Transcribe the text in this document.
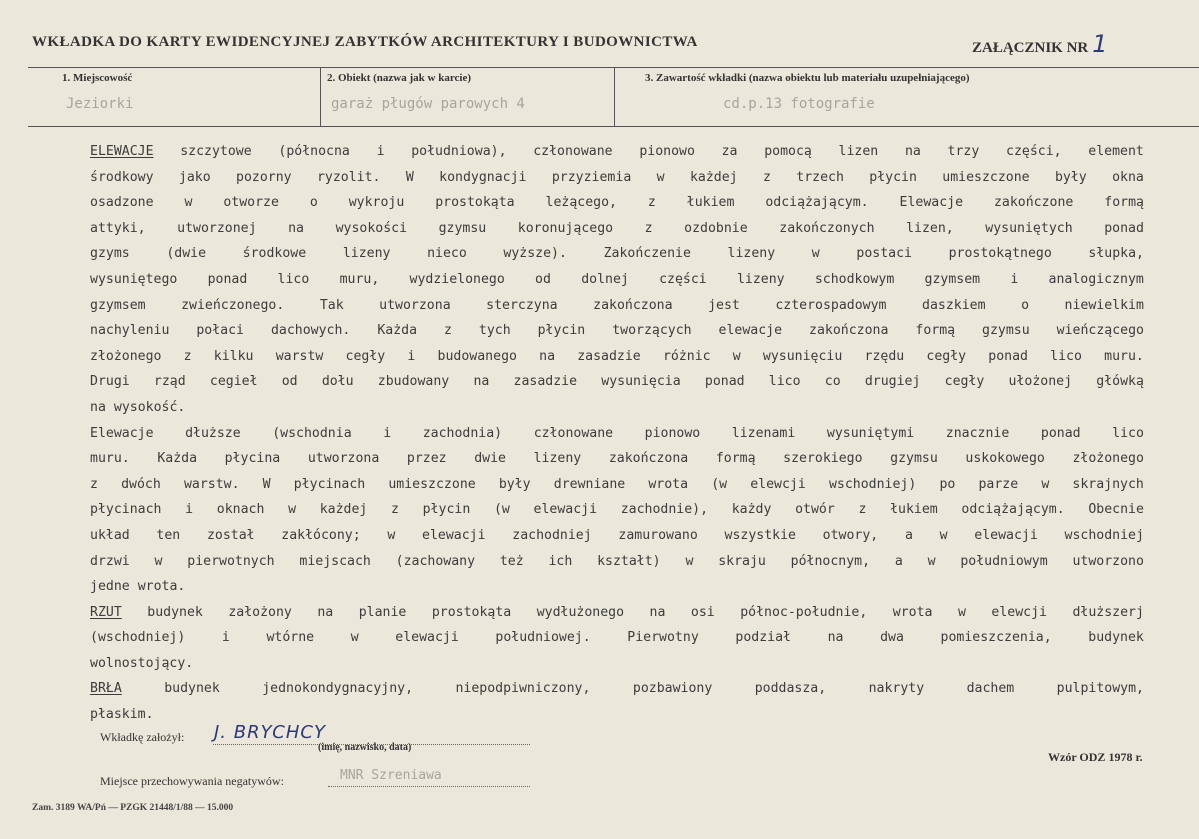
WKŁADKA DO KARTY EWIDENCYJNEJ ZABYTKÓW ARCHITEKTURY I BUDOWNICTWA	ZAŁĄCZNIK NR 1
1. Miejscowość
Jeziorki
2. Obiekt (nazwa jak w karcie)
garaż pługów parowych 4
3. Zawartość wkładki (nazwa obiektu lub materiału uzupełniającego)
cd.p.13 fotografie
ELEWACJE szczytowe (północna i południowa), członowane pionowo za pomocą lizen na trzy części, element
środkowy jako pozorny ryzolit. W kondygnacji przyziemia w każdej z trzech płycin umieszczone były okna
osadzone w otworze o wykroju prostokąta leżącego, z łukiem odciążającym. Elewacje zakończone formą
attyki, utworzonej na wysokości gzymsu koronującego z ozdobnie zakończonych lizen, wysuniętych ponad
gzyms	(dwie	środkowe	lizeny	nieco	wyższe).	Zakończenie	lizeny	w	postaci	prostokątnego	słupka,
wysuniętego ponad lico muru, wydzielonego od dolnej części lizeny schodkowym gzymsem i analogicznym
gzymsem	zwieńczonego.	Tak	utworzona	sterczyna	zakończona	jest	czterospadowym	daszkiem	o	niewielkim
nachyleniu połaci dachowych. Każda z tych płycin tworzących elewacje zakończona formą gzymsu wieńczącego
złożonego z kilku warstw cegły i budowanego na zasadzie różnic w wysunięciu rzędu cegły ponad lico muru.
Drugi rząd cegieł od dołu zbudowany na zasadzie wysunięcia ponad lico co drugiej cegły ułożonej główką
na wysokość.
Elewacje dłuższe (wschodnia i zachodnia) członowane pionowo lizenami wysuniętymi znacznie ponad lico
muru. Każda płycina utworzona przez dwie lizeny zakończona formą szerokiego gzymsu uskokowego złożonego
z dwóch warstw. W płycinach umieszczone były drewniane wrota (w elewcji wschodniej) po parze w skrajnych
płycinach i oknach w każdej z płycin (w elewacji zachodnie), każdy otwór z łukiem odciążającym. Obecnie
układ ten został zakłócony; w elewacji zachodniej zamurowano wszystkie otwory, a w elewacji wschodniej
drzwi w pierwotnych miejscach (zachowany też ich kształt) w skraju północnym, a w południowym utworzono
jedne wrota.
RZUT budynek założony na planie prostokąta wydłużonego na osi północ-południe, wrota w elewcji dłuższerj
(wschodniej)	i	wtórne	w	elewacji	południowej.	Pierwotny	podział	na	dwa	pomieszczenia,	budynek
wolnostojący.
BRŁA	budynek	jednokondygnacyjny,	niepodpiwniczony,	pozbawiony	poddasza,	nakryty	dachem	pulpitowym,
płaskim.
Wkładkę założył: J. BRYCHCY
(imię, nazwisko, data)
Miejsce przechowywania negatywów:	MNR Szreniawa
Wzór ODZ 1978 r.
Zam. 3189 WA/Pń — PZGK 21448/1/88 — 15.000
